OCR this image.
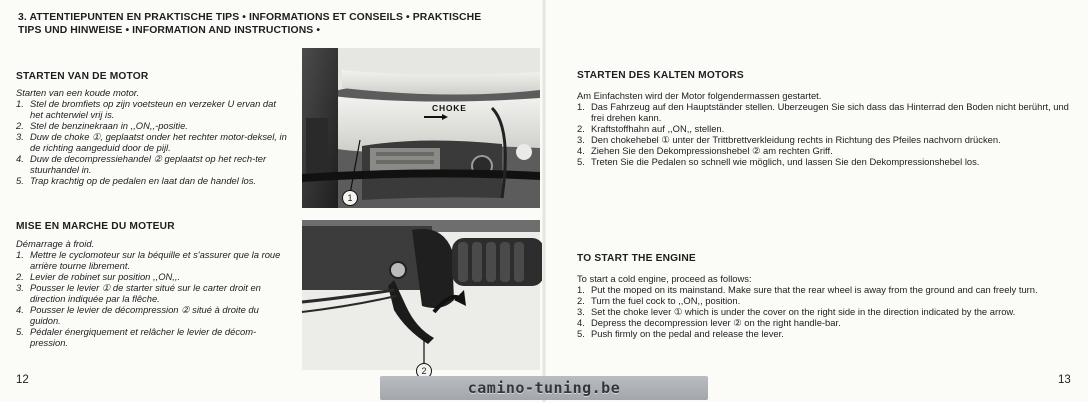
3. ATTENTIEPUNTEN EN PRAKTISCHE TIPS • INFORMATIONS ET CONSEILS • PRAKTISCHE
TIPS UND HINWEISE • INFORMATION AND INSTRUCTIONS •
STARTEN VAN DE MOTOR
Starten van een koude motor.
1. Stel de bromfiets op zijn voetsteun en verzeker U ervan dat het achterwiel vrij is.
2. Stel de benzinekraan in ,,ON,,-positie.
3. Duw de choke ①, geplaatst onder het rechter motor-deksel, in de richting aangeduid door de pijl.
4. Duw de decompressiehandel ② geplaatst op het rech-ter stuurhandel in.
5. Trap krachtig op de pedalen en laat dan de handel los.
MISE EN MARCHE DU MOTEUR
Démarrage à froid.
1. Mettre le cyclomoteur sur la béquille et s'assurer que la roue arrière tourne librement.
2. Levier de robinet sur position ,,ON,,.
3. Pousser le levier ① de starter situé sur le carter droit en direction indiquée par la flêche.
4. Pousser le levier de décompression ② situé à droite du guidon.
5. Pédaler énergiquement et relâcher le levier de décom-pression.
12
CHOKE
1
2
STARTEN DES KALTEN MOTORS
Am Einfachsten wird der Motor folgendermassen gestartet.
1. Das Fahrzeug auf den Hauptständer stellen. Uberzeugen Sie sich dass das Hinterrad den Boden nicht berührt, und frei drehen kann.
2. Kraftstoffhahn auf ,,ON,, stellen.
3. Den chokehebel ① unter der Trittbrettverkleidung rechts in Richtung des Pfeiles nachvorn drücken.
4. Ziehen Sie den Dekompressionshebel ② am rechten Griff.
5. Treten Sie die Pedalen so schnell wie möglich, und lassen Sie den Dekompressionshebel los.
TO START THE ENGINE
To start a cold engine, proceed as follows:
1. Put the moped on its mainstand. Make sure that the rear wheel is away from the ground and can freely turn.
2. Turn the fuel cock to ,,ON,, position.
3. Set the choke lever ① which is under the cover on the right side in the direction indicated by the arrow.
4. Depress the decompression lever ② on the right handle-bar.
5. Push firmly on the pedal and release the lever.
13
camino-tuning.be
